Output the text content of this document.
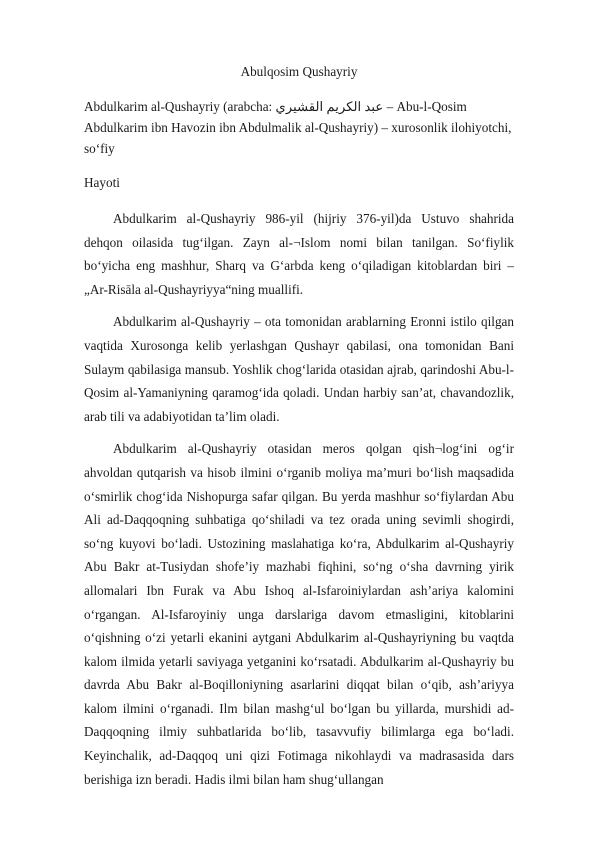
Abulqosim Qushayriy

Abdulkarim al-Qushayriy (arabcha: عبد الكريم القشيري – Abu-l-Qosim Abdulkarim ibn Havozin ibn Abdulmalik al-Qushayriy) – xurosonlik ilohiyotchi, so‘fiy

Hayoti

Abdulkarim al-Qushayriy 986-yil (hijriy 376-yil)da Ustuvo shahrida dehqon oilasida tug‘ilgan. Zayn al-¬Islom nomi bilan tanilgan. So‘fiylik bo‘yicha eng mashhur, Sharq va G‘arbda keng o‘qiladigan kitoblardan biri – „Ar-Risāla al-Qushayriyya“ning muallifi.

Abdulkarim al-Qushayriy – ota tomonidan arablarning Eronni istilo qilgan vaqtida Xurosonga kelib yerlashgan Qushayr qabilasi, ona tomonidan Bani Sulaym qabilasiga mansub. Yoshlik chog‘larida otasidan ajrab, qarindoshi Abu-l-Qosim al-Yamaniyning qaramog‘ida qoladi. Undan harbiy san’at, chavandozlik, arab tili va adabiyotidan ta’lim oladi.

Abdulkarim al-Qushayriy otasidan meros qolgan qish¬log‘ini og‘ir ahvoldan qutqarish va hisob ilmini o‘rganib moliya ma’muri bo‘lish maqsadida o‘smirlik chog‘ida Nishopurga safar qilgan. Bu yerda mashhur so‘fiylardan Abu Ali ad-Daqqoqning suhbatiga qo‘shiladi va tez orada uning sevimli shogirdi, so‘ng kuyovi bo‘ladi. Ustozining maslahatiga ko‘ra, Abdulkarim al-Qushayriy Abu Bakr at-Tusiydan shofe’iy mazhabi fiqhini, so‘ng o‘sha davrning yirik allomalari Ibn Furak va Abu Ishoq al-Isfaroiniylardan ash’ariya kalomini o‘rgangan. Al-Isfaroyiniy unga darslariga davom etmasligini, kitoblarini o‘qishning o‘zi yetarli ekanini aytgani Abdulkarim al-Qushayriyning bu vaqtda kalom ilmida yetarli saviyaga yetganini ko‘rsatadi. Abdulkarim al-Qushayriy bu davrda Abu Bakr al-Boqilloniyning asarlarini diqqat bilan o‘qib, ash’ariyya kalom ilmini o‘rganadi. Ilm bilan mashg‘ul bo‘lgan bu yillarda, murshidi ad-Daqqoqning ilmiy suhbatlarida bo‘lib, tasavvufiy bilimlarga ega bo‘ladi. Keyinchalik, ad-Daqqoq uni qizi Fotimaga nikohlaydi va madrasasida dars berishiga izn beradi. Hadis ilmi bilan ham shug‘ullangan
